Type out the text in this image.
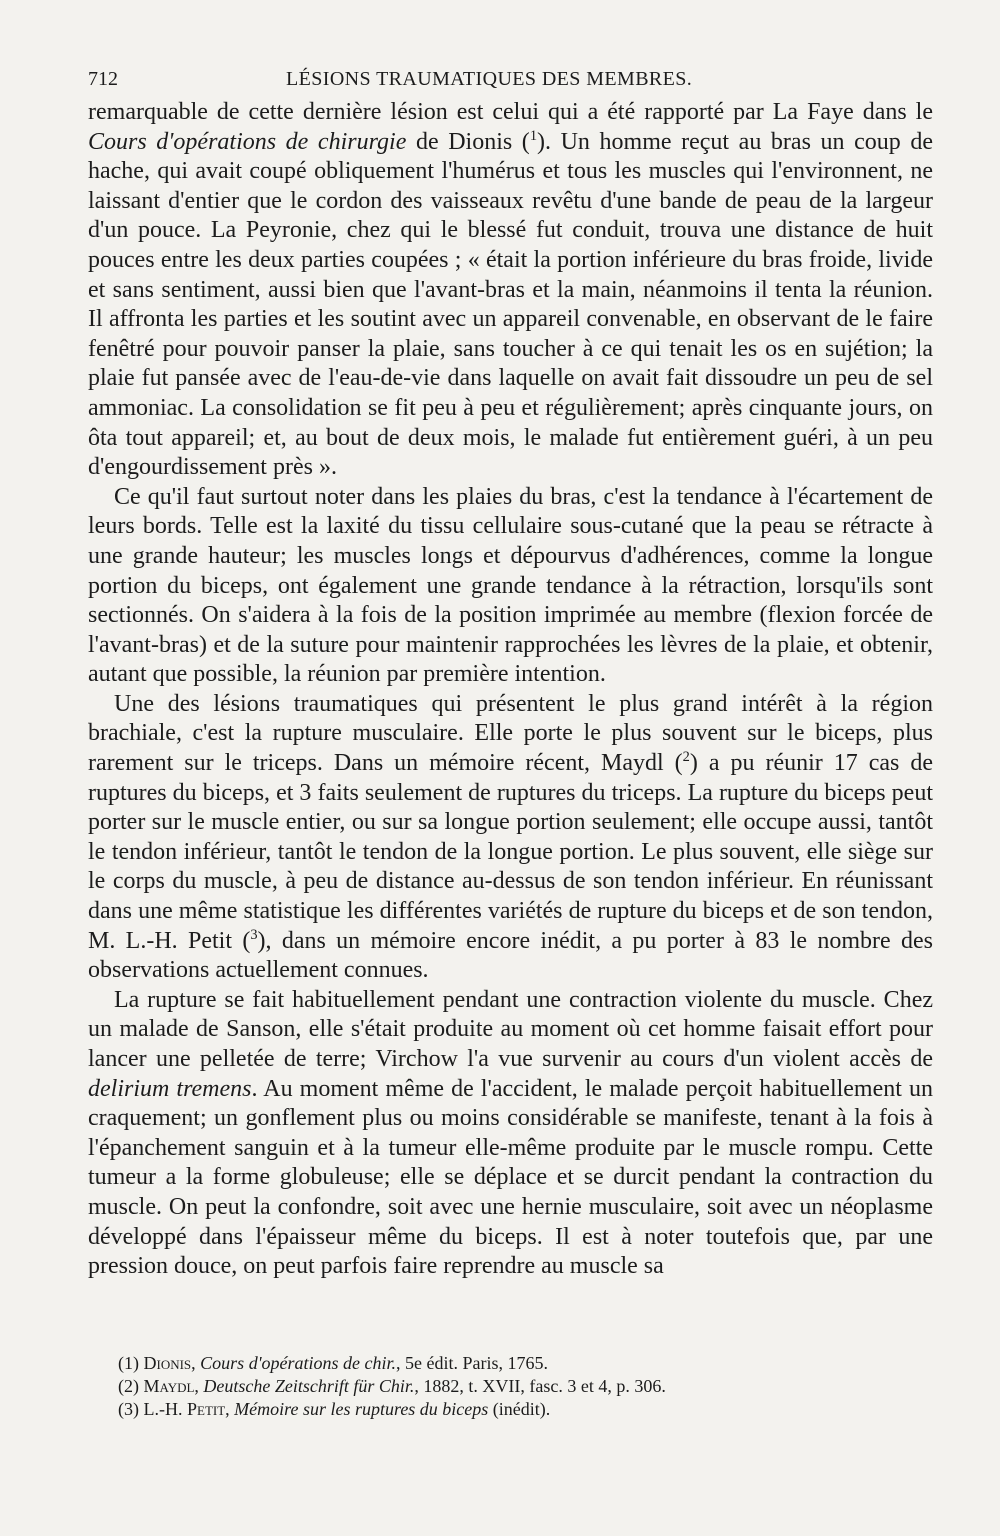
712	LÉSIONS TRAUMATIQUES DES MEMBRES.

remarquable de cette dernière lésion est celui qui a été rapporté par La Faye dans le Cours d'opérations de chirurgie de Dionis ($^1$). Un homme reçut au bras un coup de hache, qui avait coupé obliquement l'humérus et tous les muscles qui l'environnent, ne laissant d'entier que le cordon des vaisseaux revêtu d'une bande de peau de la largeur d'un pouce. La Peyronie, chez qui le blessé fut conduit, trouva une distance de huit pouces entre les deux parties coupées ; « était la portion inférieure du bras froide, livide et sans sentiment, aussi bien que l'avant-bras et la main, néanmoins il tenta la réunion. Il affronta les parties et les soutint avec un appareil convenable, en observant de le faire fenêtré pour pouvoir panser la plaie, sans toucher à ce qui tenait les os en sujétion; la plaie fut pansée avec de l'eau-de-vie dans laquelle on avait fait dissoudre un peu de sel ammoniac. La consolidation se fit peu à peu et régulièrement; après cinquante jours, on ôta tout appareil; et, au bout de deux mois, le malade fut entièrement guéri, à un peu d'engourdissement près ».

Ce qu'il faut surtout noter dans les plaies du bras, c'est la tendance à l'écartement de leurs bords. Telle est la laxité du tissu cellulaire sous-cutané que la peau se rétracte à une grande hauteur; les muscles longs et dépourvus d'adhérences, comme la longue portion du biceps, ont également une grande tendance à la rétraction, lorsqu'ils sont sectionnés. On s'aidera à la fois de la position imprimée au membre (flexion forcée de l'avant-bras) et de la suture pour maintenir rapprochées les lèvres de la plaie, et obtenir, autant que possible, la réunion par première intention.

Une des lésions traumatiques qui présentent le plus grand intérêt à la région brachiale, c'est la rupture musculaire. Elle porte le plus souvent sur le biceps, plus rarement sur le triceps. Dans un mémoire récent, Maydl ($^2$) a pu réunir 17 cas de ruptures du biceps, et 3 faits seulement de ruptures du triceps. La rupture du biceps peut porter sur le muscle entier, ou sur sa longue portion seulement; elle occupe aussi, tantôt le tendon inférieur, tantôt le tendon de la longue portion. Le plus souvent, elle siège sur le corps du muscle, à peu de distance au-dessus de son tendon inférieur. En réunissant dans une même statistique les différentes variétés de rupture du biceps et de son tendon, M. L.-H. Petit ($^3$), dans un mémoire encore inédit, a pu porter à 83 le nombre des observations actuellement connues.

La rupture se fait habituellement pendant une contraction violente du muscle. Chez un malade de Sanson, elle s'était produite au moment où cet homme faisait effort pour lancer une pelletée de terre; Virchow l'a vue survenir au cours d'un violent accès de delirium tremens. Au moment même de l'accident, le malade perçoit habituellement un craquement; un gonflement plus ou moins considérable se manifeste, tenant à la fois à l'épanchement sanguin et à la tumeur elle-même produite par le muscle rompu. Cette tumeur a la forme globuleuse; elle se déplace et se durcit pendant la contraction du muscle. On peut la confondre, soit avec une hernie musculaire, soit avec un néoplasme développé dans l'épaisseur même du biceps. Il est à noter toutefois que, par une pression douce, on peut parfois faire reprendre au muscle sa

(1) Dionis, Cours d'opérations de chir., 5e édit. Paris, 1765.
(2) Maydl, Deutsche Zeitschrift für Chir., 1882, t. XVII, fasc. 3 et 4, p. 306.
(3) L.-H. Petit, Mémoire sur les ruptures du biceps (inédit).
